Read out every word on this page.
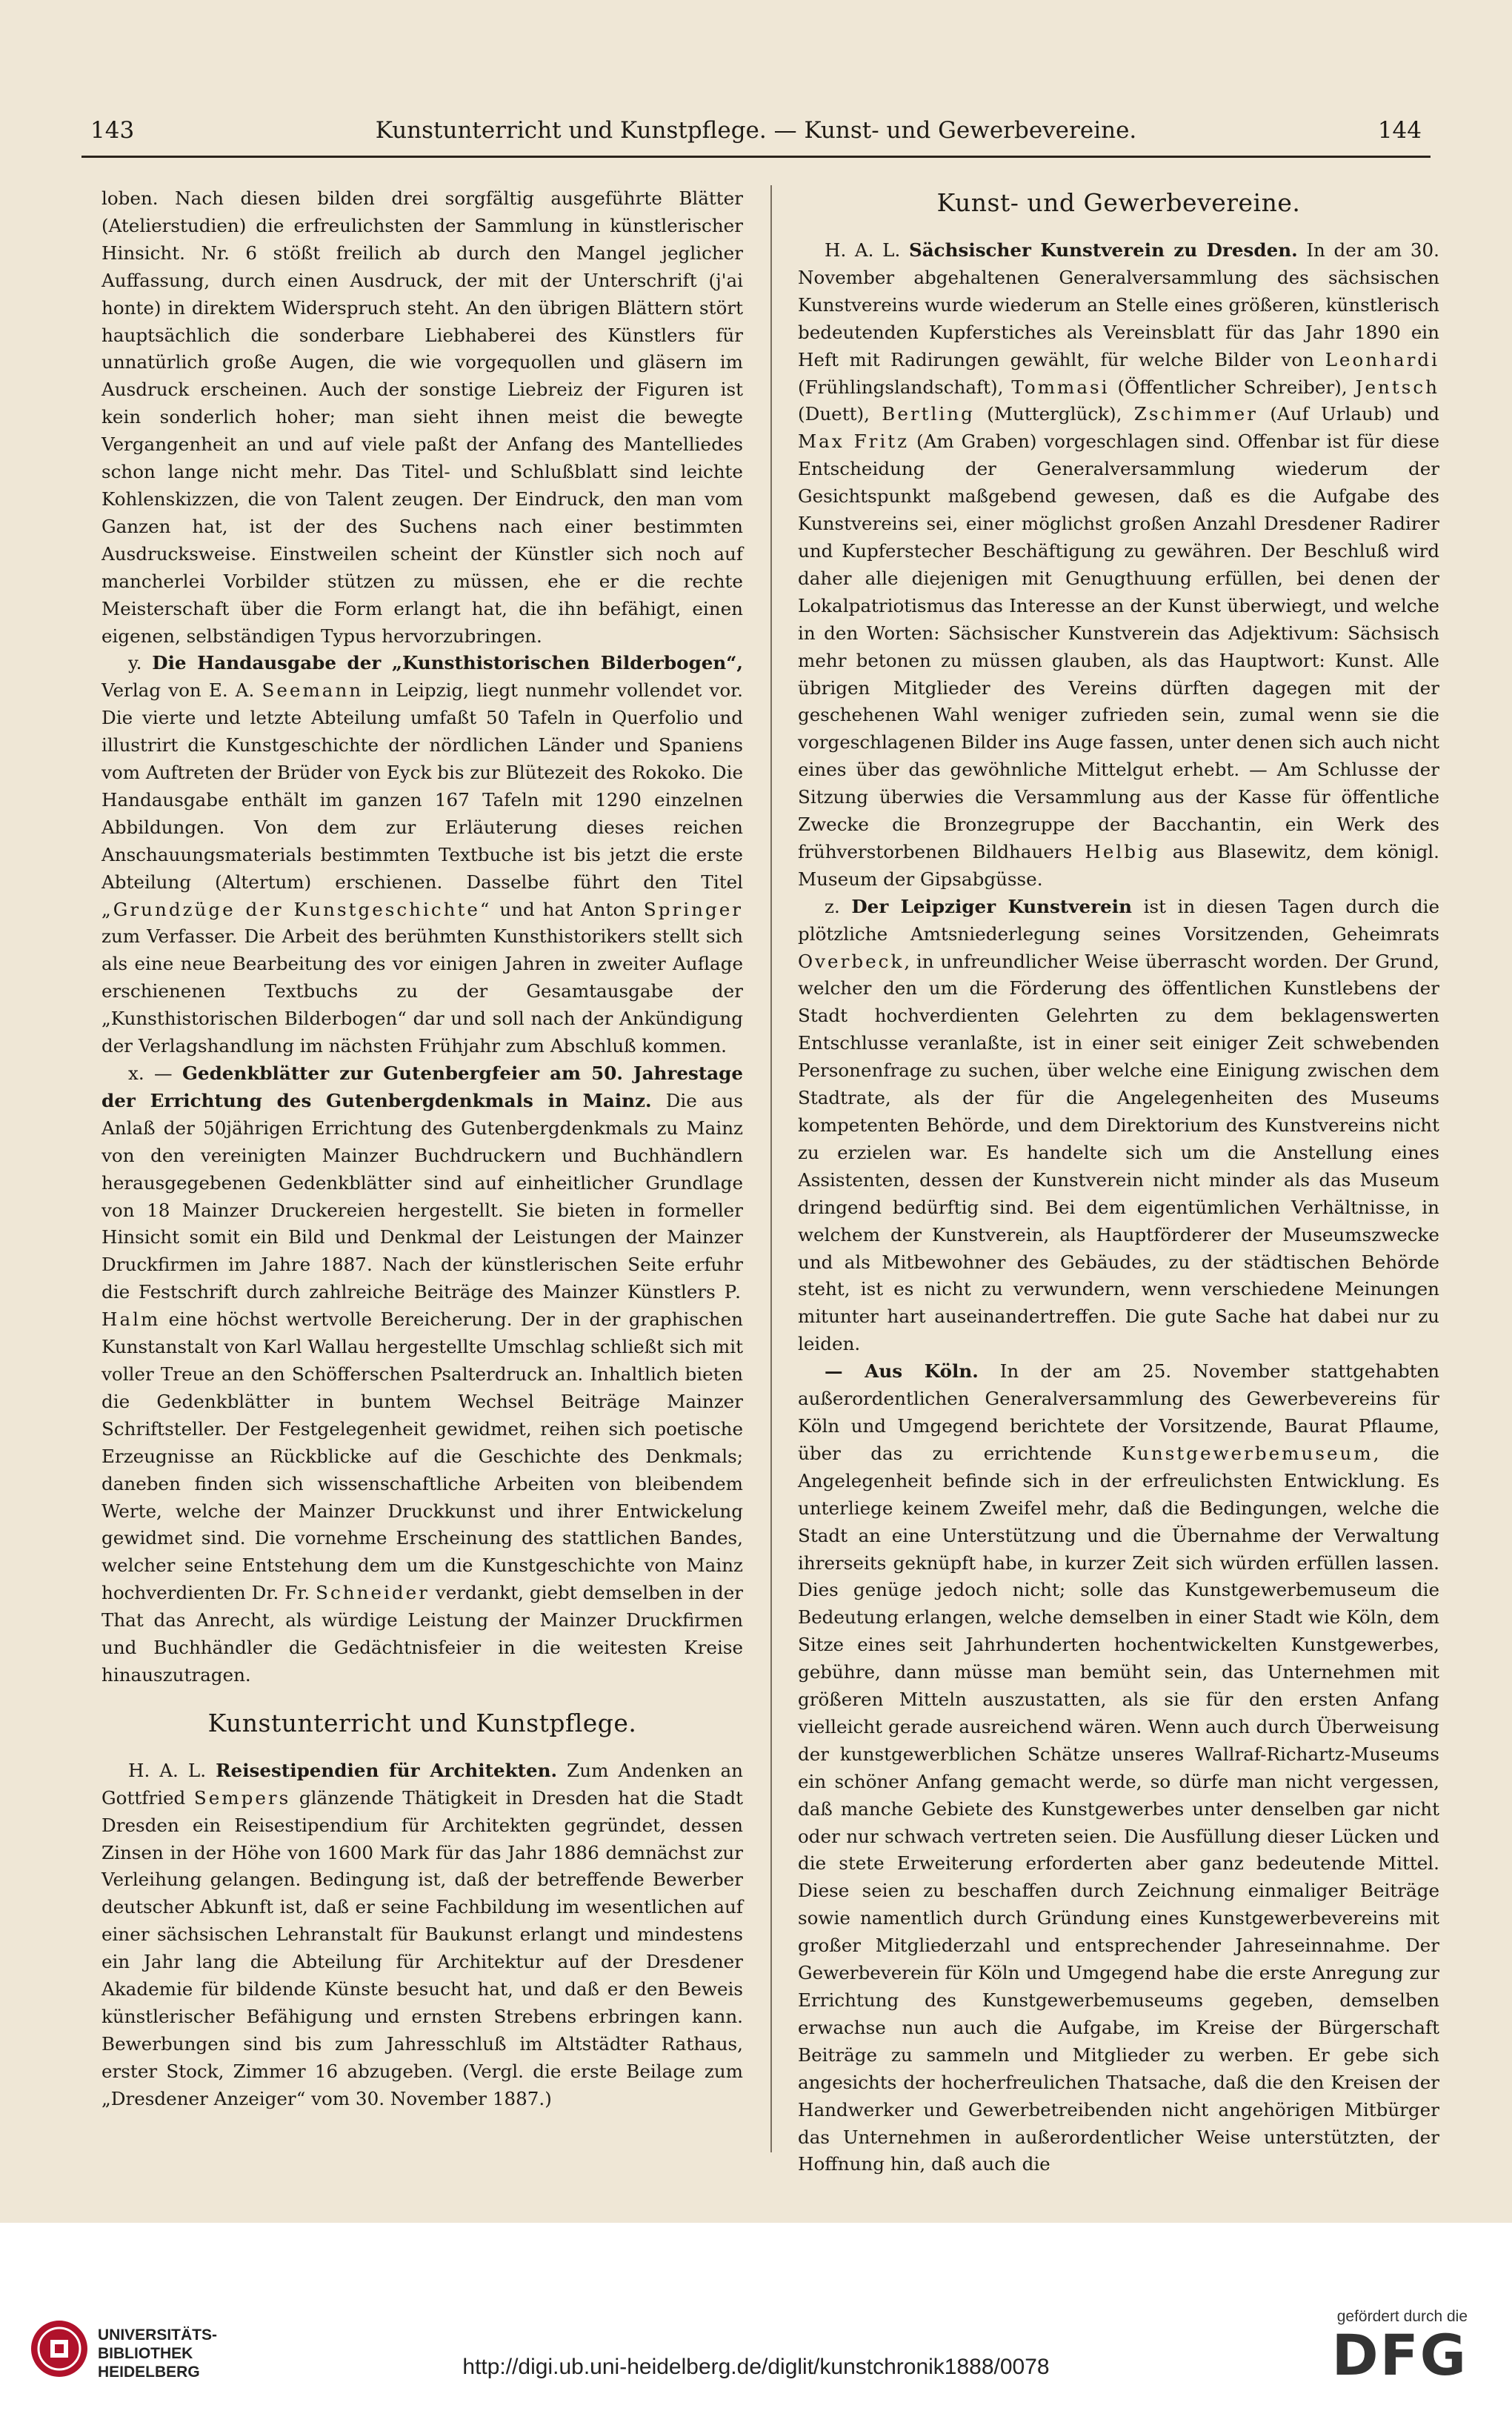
143	Kunstunterricht und Kunstpflege. — Kunst- und Gewerbevereine.	144

loben. Nach diesen bilden drei sorgfältig ausgeführte Blätter (Atelierstudien) die erfreulichsten der Sammlung in künstlerischer Hinsicht. Nr. 6 stößt freilich ab durch den Mangel jeglicher Auffassung, durch einen Ausdruck, der mit der Unterschrift (j'ai honte) in direktem Widerspruch steht. An den übrigen Blättern stört hauptsächlich die sonderbare Liebhaberei des Künstlers für unnatürlich große Augen, die wie vorgequollen und gläsern im Ausdruck erscheinen. Auch der sonstige Liebreiz der Figuren ist kein sonderlich hoher; man sieht ihnen meist die bewegte Vergangenheit an und auf viele paßt der Anfang des Mantelliedes schon lange nicht mehr. Das Titel- und Schlußblatt sind leichte Kohlenskizzen, die von Talent zeugen. Der Eindruck, den man vom Ganzen hat, ist der des Suchens nach einer bestimmten Ausdrucksweise. Einstweilen scheint der Künstler sich noch auf mancherlei Vorbilder stützen zu müssen, ehe er die rechte Meisterschaft über die Form erlangt hat, die ihn befähigt, einen eigenen, selbständigen Typus hervorzubringen.

y. Die Handausgabe der „Kunsthistorischen Bilderbogen“, Verlag von E. A. Seemann in Leipzig, liegt nunmehr vollendet vor. Die vierte und letzte Abteilung umfaßt 50 Tafeln in Querfolio und illustrirt die Kunstgeschichte der nördlichen Länder und Spaniens vom Auftreten der Brüder von Eyck bis zur Blütezeit des Rokoko. Die Handausgabe enthält im ganzen 167 Tafeln mit 1290 einzelnen Abbildungen. Von dem zur Erläuterung dieses reichen Anschauungsmaterials bestimmten Textbuche ist bis jetzt die erste Abteilung (Altertum) erschienen. Dasselbe führt den Titel „Grundzüge der Kunstgeschichte“ und hat Anton Springer zum Verfasser. Die Arbeit des berühmten Kunsthistorikers stellt sich als eine neue Bearbeitung des vor einigen Jahren in zweiter Auflage erschienenen Textbuchs zu der Gesamtausgabe der „Kunsthistorischen Bilderbogen“ dar und soll nach der Ankündigung der Verlagshandlung im nächsten Frühjahr zum Abschluß kommen.

x. — Gedenkblätter zur Gutenbergfeier am 50. Jahrestage der Errichtung des Gutenbergdenkmals in Mainz. Die aus Anlaß der 50jährigen Errichtung des Gutenbergdenkmals zu Mainz von den vereinigten Mainzer Buchdruckern und Buchhändlern herausgegebenen Gedenkblätter sind auf einheitlicher Grundlage von 18 Mainzer Druckereien hergestellt. Sie bieten in formeller Hinsicht somit ein Bild und Denkmal der Leistungen der Mainzer Druckfirmen im Jahre 1887. Nach der künstlerischen Seite erfuhr die Festschrift durch zahlreiche Beiträge des Mainzer Künstlers P. Halm eine höchst wertvolle Bereicherung. Der in der graphischen Kunstanstalt von Karl Wallau hergestellte Umschlag schließt sich mit voller Treue an den Schöfferschen Psalterdruck an. Inhaltlich bieten die Gedenkblätter in buntem Wechsel Beiträge Mainzer Schriftsteller. Der Festgelegenheit gewidmet, reihen sich poetische Erzeugnisse an Rückblicke auf die Geschichte des Denkmals; daneben finden sich wissenschaftliche Arbeiten von bleibendem Werte, welche der Mainzer Druckkunst und ihrer Entwickelung gewidmet sind. Die vornehme Erscheinung des stattlichen Bandes, welcher seine Entstehung dem um die Kunstgeschichte von Mainz hochverdienten Dr. Fr. Schneider verdankt, giebt demselben in der That das Anrecht, als würdige Leistung der Mainzer Druckfirmen und Buchhändler die Gedächtnisfeier in die weitesten Kreise hinauszutragen.

Kunstunterricht und Kunstpflege.

H. A. L. Reisestipendien für Architekten. Zum Andenken an Gottfried Sempers glänzende Thätigkeit in Dresden hat die Stadt Dresden ein Reisestipendium für Architekten gegründet, dessen Zinsen in der Höhe von 1600 Mark für das Jahr 1886 demnächst zur Verleihung gelangen. Bedingung ist, daß der betreffende Bewerber deutscher Abkunft ist, daß er seine Fachbildung im wesentlichen auf einer sächsischen Lehranstalt für Baukunst erlangt und mindestens ein Jahr lang die Abteilung für Architektur auf der Dresdener Akademie für bildende Künste besucht hat, und daß er den Beweis künstlerischer Befähigung und ernsten Strebens erbringen kann. Bewerbungen sind bis zum Jahresschluß im Altstädter Rathaus, erster Stock, Zimmer 16 abzugeben. (Vergl. die erste Beilage zum „Dresdener Anzeiger“ vom 30. November 1887.)

Kunst- und Gewerbevereine.

H. A. L. Sächsischer Kunstverein zu Dresden. In der am 30. November abgehaltenen Generalversammlung des sächsischen Kunstvereins wurde wiederum an Stelle eines größeren, künstlerisch bedeutenden Kupferstiches als Vereinsblatt für das Jahr 1890 ein Heft mit Radirungen gewählt, für welche Bilder von Leonhardi (Frühlingslandschaft), Tommasi (Öffentlicher Schreiber), Jentsch (Duett), Bertling (Mutterglück), Zschimmer (Auf Urlaub) und Max Fritz (Am Graben) vorgeschlagen sind. Offenbar ist für diese Entscheidung der Generalversammlung wiederum der Gesichtspunkt maßgebend gewesen, daß es die Aufgabe des Kunstvereins sei, einer möglichst großen Anzahl Dresdener Radirer und Kupferstecher Beschäftigung zu gewähren. Der Beschluß wird daher alle diejenigen mit Genugthuung erfüllen, bei denen der Lokalpatriotismus das Interesse an der Kunst überwiegt, und welche in den Worten: Sächsischer Kunstverein das Adjektivum: Sächsisch mehr betonen zu müssen glauben, als das Hauptwort: Kunst. Alle übrigen Mitglieder des Vereins dürften dagegen mit der geschehenen Wahl weniger zufrieden sein, zumal wenn sie die vorgeschlagenen Bilder ins Auge fassen, unter denen sich auch nicht eines über das gewöhnliche Mittelgut erhebt. — Am Schlusse der Sitzung überwies die Versammlung aus der Kasse für öffentliche Zwecke die Bronzegruppe der Bacchantin, ein Werk des frühverstorbenen Bildhauers Helbig aus Blasewitz, dem königl. Museum der Gipsabgüsse.

z. Der Leipziger Kunstverein ist in diesen Tagen durch die plötzliche Amtsniederlegung seines Vorsitzenden, Geheimrats Overbeck, in unfreundlicher Weise überrascht worden. Der Grund, welcher den um die Förderung des öffentlichen Kunstlebens der Stadt hochverdienten Gelehrten zu dem beklagenswerten Entschlusse veranlaßte, ist in einer seit einiger Zeit schwebenden Personenfrage zu suchen, über welche eine Einigung zwischen dem Stadtrate, als der für die Angelegenheiten des Museums kompetenten Behörde, und dem Direktorium des Kunstvereins nicht zu erzielen war. Es handelte sich um die Anstellung eines Assistenten, dessen der Kunstverein nicht minder als das Museum dringend bedürftig sind. Bei dem eigentümlichen Verhältnisse, in welchem der Kunstverein, als Hauptförderer der Museumszwecke und als Mitbewohner des Gebäudes, zu der städtischen Behörde steht, ist es nicht zu verwundern, wenn verschiedene Meinungen mitunter hart auseinandertreffen. Die gute Sache hat dabei nur zu leiden.

— Aus Köln. In der am 25. November stattgehabten außerordentlichen Generalversammlung des Gewerbevereins für Köln und Umgegend berichtete der Vorsitzende, Baurat Pflaume, über das zu errichtende Kunstgewerbemuseum, die Angelegenheit befinde sich in der erfreulichsten Entwicklung. Es unterliege keinem Zweifel mehr, daß die Bedingungen, welche die Stadt an eine Unterstützung und die Übernahme der Verwaltung ihrerseits geknüpft habe, in kurzer Zeit sich würden erfüllen lassen. Dies genüge jedoch nicht; solle das Kunstgewerbemuseum die Bedeutung erlangen, welche demselben in einer Stadt wie Köln, dem Sitze eines seit Jahrhunderten hochentwickelten Kunstgewerbes, gebühre, dann müsse man bemüht sein, das Unternehmen mit größeren Mitteln auszustatten, als sie für den ersten Anfang vielleicht gerade ausreichend wären. Wenn auch durch Überweisung der kunstgewerblichen Schätze unseres Wallraf-Richartz-Museums ein schöner Anfang gemacht werde, so dürfe man nicht vergessen, daß manche Gebiete des Kunstgewerbes unter denselben gar nicht oder nur schwach vertreten seien. Die Ausfüllung dieser Lücken und die stete Erweiterung erforderten aber ganz bedeutende Mittel. Diese seien zu beschaffen durch Zeichnung einmaliger Beiträge sowie namentlich durch Gründung eines Kunstgewerbevereins mit großer Mitgliederzahl und entsprechender Jahreseinnahme. Der Gewerbeverein für Köln und Umgegend habe die erste Anregung zur Errichtung des Kunstgewerbemuseums gegeben, demselben erwachse nun auch die Aufgabe, im Kreise der Bürgerschaft Beiträge zu sammeln und Mitglieder zu werben. Er gebe sich angesichts der hocherfreulichen Thatsache, daß die den Kreisen der Handwerker und Gewerbetreibenden nicht angehörigen Mitbürger das Unternehmen in außerordentlicher Weise unterstützten, der Hoffnung hin, daß auch die

UNIVERSITÄTS-
BIBLIOTHEK
HEIDELBERG	http://digi.ub.uni-heidelberg.de/diglit/kunstchronik1888/0078
gefördert durch die
DFG
